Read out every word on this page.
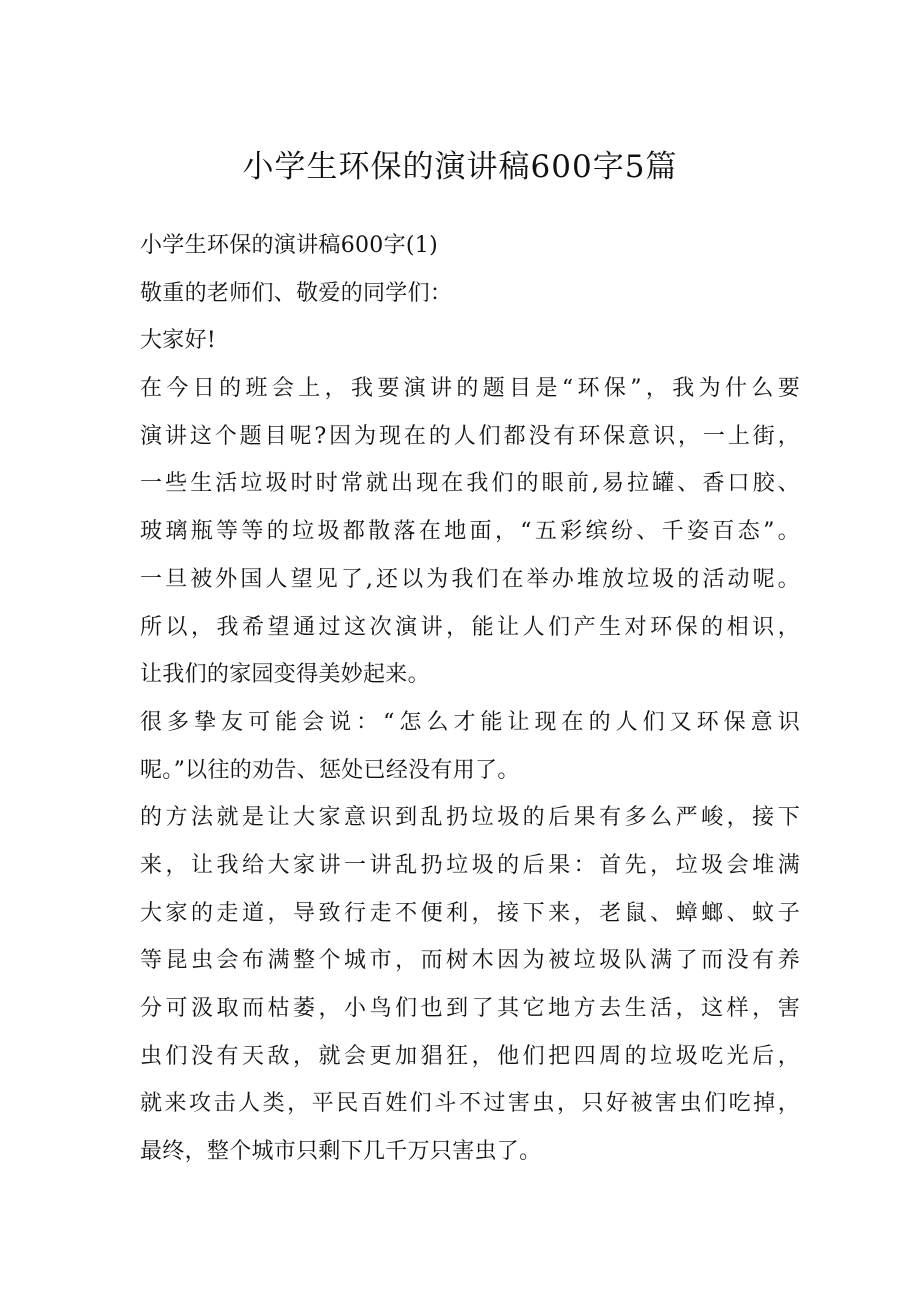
小学生环保的演讲稿600字5篇
小学生环保的演讲稿600字(1)
敬重的老师们、敬爱的同学们：
大家好!
在今日的班会上，我要演讲的题目是“环保”，我为什么要
演讲这个题目呢?因为现在的人们都没有环保意识，一上街，
一些生活垃圾时时常就出现在我们的眼前,易拉罐、香口胶、
玻璃瓶等等的垃圾都散落在地面，“五彩缤纷、千姿百态”。
一旦被外国人望见了,还以为我们在举办堆放垃圾的活动呢。
所以，我希望通过这次演讲，能让人们产生对环保的相识，
让我们的家园变得美妙起来。
很多挚友可能会说：“怎么才能让现在的人们又环保意识
呢。”以往的劝告、惩处已经没有用了。
的方法就是让大家意识到乱扔垃圾的后果有多么严峻，接下
来，让我给大家讲一讲乱扔垃圾的后果：首先，垃圾会堆满
大家的走道，导致行走不便利，接下来，老鼠、蟑螂、蚊子
等昆虫会布满整个城市，而树木因为被垃圾队满了而没有养
分可汲取而枯萎，小鸟们也到了其它地方去生活，这样，害
虫们没有天敌，就会更加猖狂，他们把四周的垃圾吃光后，
就来攻击人类，平民百姓们斗不过害虫，只好被害虫们吃掉，
最终，整个城市只剩下几千万只害虫了。
